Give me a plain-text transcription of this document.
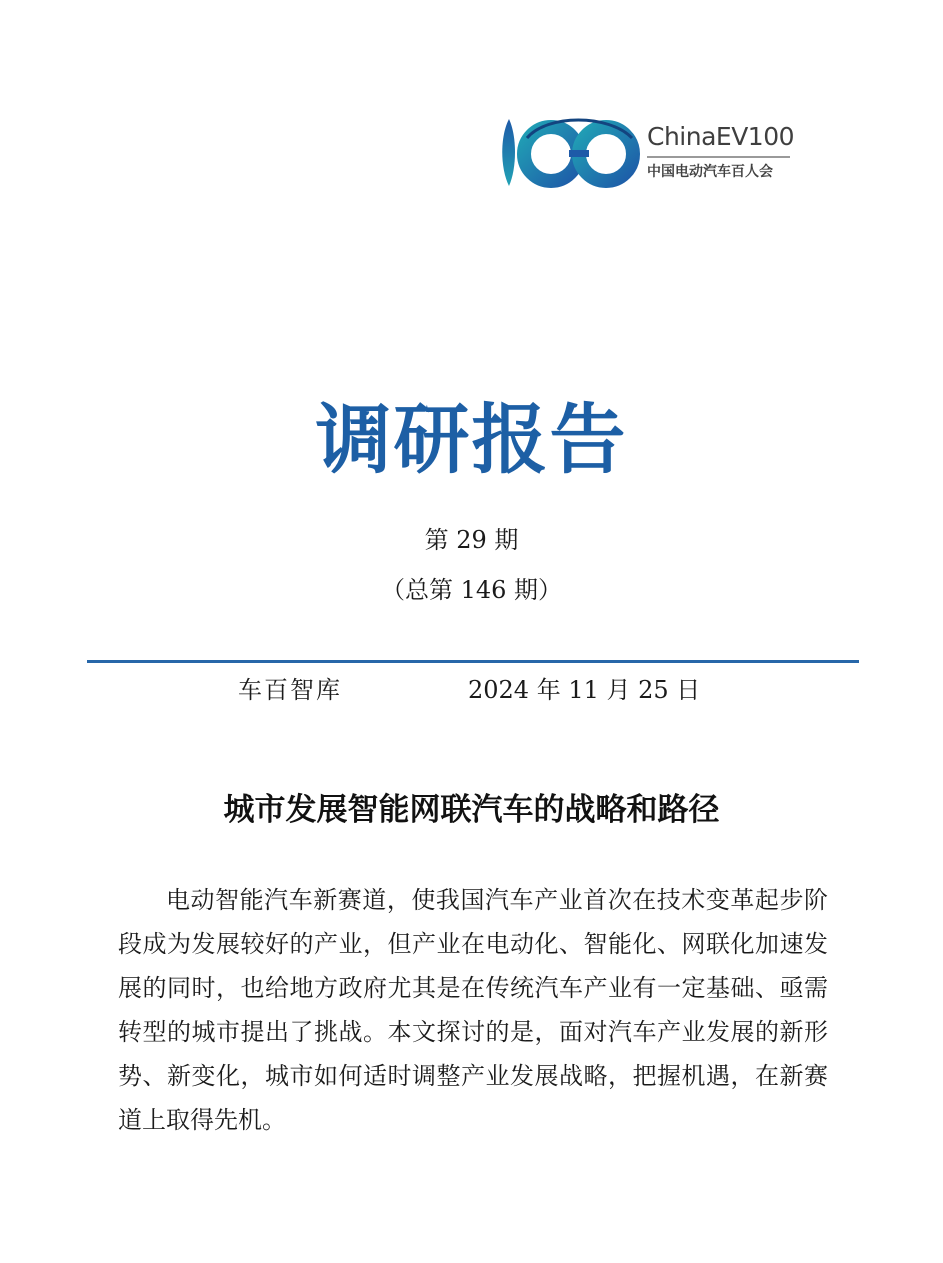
ChinaEV100
中国电动汽车百人会
调研报告
第 29 期
（总第 146 期）
车百智库	2024 年 11 月 25 日
城市发展智能网联汽车的战略和路径

电动智能汽车新赛道，使我国汽车产业首次在技术变革起步阶段成为发展较好的产业，但产业在电动化、智能化、网联化加速发展的同时，也给地方政府尤其是在传统汽车产业有一定基础、亟需转型的城市提出了挑战。本文探讨的是，面对汽车产业发展的新形势、新变化，城市如何适时调整产业发展战略，把握机遇，在新赛道上取得先机。
